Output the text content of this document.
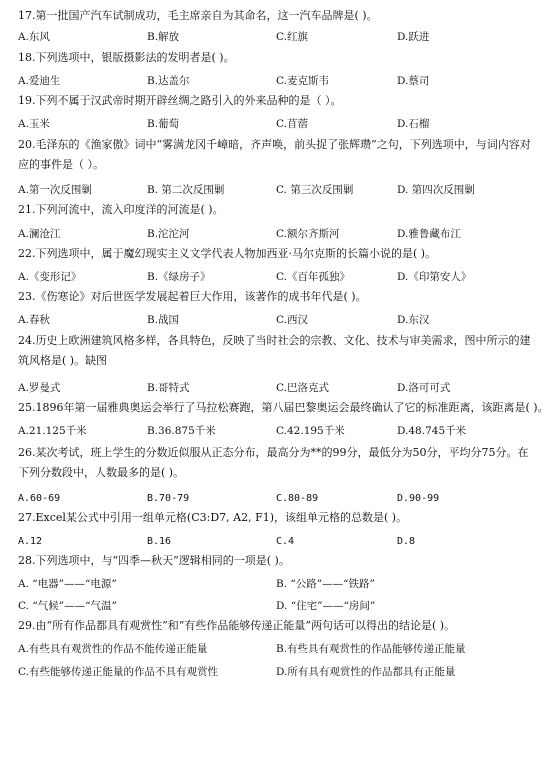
17.第一批国产汽车试制成功，毛主席亲自为其命名，这一汽车品牌是( )。
A.东风	B.解放	C.红旗	D.跃进
18.下列选项中，银版摄影法的发明者是( )。
A.爱迪生	B.达盖尔	C.麦克斯韦	D.蔡司
19.下列不属于汉武帝时期开辟丝绸之路引入的外来品种的是（ ）。
A.玉米	B.葡萄	C.苜蓿	D.石榴
20.毛泽东的《渔家傲》词中“雾满龙冈千嶂暗，齐声唤，前头捉了张辉瓒”之句，下列选项中，与词内容对应的事件是（ ）。
A.第一次反围剿	B. 第二次反围剿	C. 第三次反围剿	D. 第四次反围剿
21.下列河流中，流入印度洋的河流是( )。
A.澜沧江	B.沱沱河	C.额尔齐斯河	D.雅鲁藏布江
22.下列选项中，属于魔幻现实主义文学代表人物加西亚·马尔克斯的长篇小说的是( )。
A.《变形记》	B.《绿房子》	C.《百年孤独》	D.《印第安人》
23.《伤寒论》对后世医学发展起着巨大作用，该著作的成书年代是( )。
A.春秋	B.战国	C.西汉	D.东汉
24.历史上欧洲建筑风格多样，各具特色，反映了当时社会的宗教、文化、技术与审美需求，图中所示的建筑风格是( )。缺图
A.罗曼式	B.哥特式	C.巴洛克式	D.洛可可式
25.1896年第一届雅典奥运会举行了马拉松赛跑，第八届巴黎奥运会最终确认了它的标准距离，该距离是( )。
A.21.125千米	B.36.875千米	C.42.195千米	D.48.745千米
26.某次考试，班上学生的分数近似服从正态分布，最高分为**的99分，最低分为50分，平均分75分。在下列分数段中，人数最多的是( )。
A.60-69	B.70-79	C.80-89	D.90-99
27.Excel某公式中引用一组单元格(C3:D7, A2, F1)，该组单元格的总数是( )。
A.12	B.16	C.4	D.8
28.下列选项中，与“四季—秋天”逻辑相同的一项是( )。
A. “电器”——“电源”	B. “公路”——“铁路”
C. “气候”——“气温”	D. “住宅”——“房间”
29.由“所有作品都具有观赏性”和“有些作品能够传递正能量”两句话可以得出的结论是( )。
A.有些具有观赏性的作品不能传递正能量	B.有些具有观赏性的作品能够传递正能量
C.有些能够传递正能量的作品不具有观赏性	D.所有具有观赏性的作品都具有正能量
